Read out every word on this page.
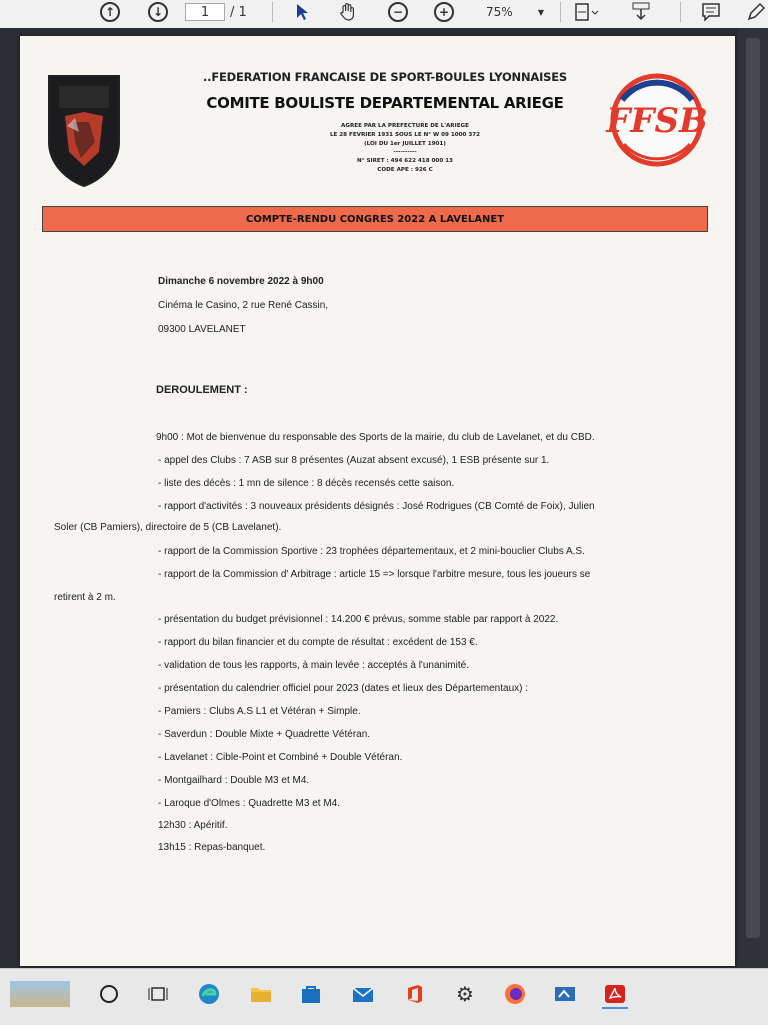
↑	↓	1	/ 1	−	+	75%	▼
..FEDERATION FRANCAISE DE SPORT-BOULES LYONNAISES
COMITE BOULISTE DEPARTEMENTAL ARIEGE
AGREE PAR LA PREFECTURE DE L'ARIEGE
LE 28 FEVRIER 1931 SOUS LE N° W 09 1000 372
(LOI DU 1er JUILLET 1901)
----------
N° SIRET : 494 622 418 000 13
CODE APE : 926 C
FFSB
COMPTE-RENDU CONGRES 2022 A LAVELANET
Dimanche 6 novembre 2022 à 9h00
Cinéma le Casino, 2 rue René Cassin,
09300 LAVELANET
DEROULEMENT :
9h00 : Mot de bienvenue du responsable des Sports de la mairie, du club de Lavelanet, et du CBD.
- appel des Clubs : 7 ASB sur 8 présentes (Auzat absent excusé), 1 ESB présente sur 1.
- liste des décès : 1 mn de silence : 8 décès recensés cette saison.
- rapport d'activités : 3 nouveaux présidents désignés : José Rodrigues (CB Comté de Foix), Julien
Soler (CB Pamiers), directoire de 5 (CB Lavelanet).
- rapport de la Commission Sportive : 23 trophées départementaux, et 2 mini-bouclier Clubs A.S.
- rapport de la Commission d' Arbitrage : article 15 => lorsque l'arbitre mesure, tous les joueurs se
retirent à 2 m.
- présentation du budget prévisionnel : 14.200 € prévus, somme stable par rapport à 2022.
- rapport du bilan financier et du compte de résultat : excédent de 153 €.
- validation de tous les rapports, à main levée : acceptés à l'unanimité.
- présentation du calendrier officiel pour 2023 (dates et lieux des Départementaux) :
- Pamiers : Clubs A.S L1 et Vétéran + Simple.
- Saverdun : Double Mixte + Quadrette Vétéran.
- Lavelanet : Cible-Point et Combiné + Double Vétéran.
- Montgailhard : Double M3 et M4.
- Laroque d'Olmes : Quadrette M3 et M4.
12h30 : Apéritif.
13h15 : Repas-banquet.
⚙
